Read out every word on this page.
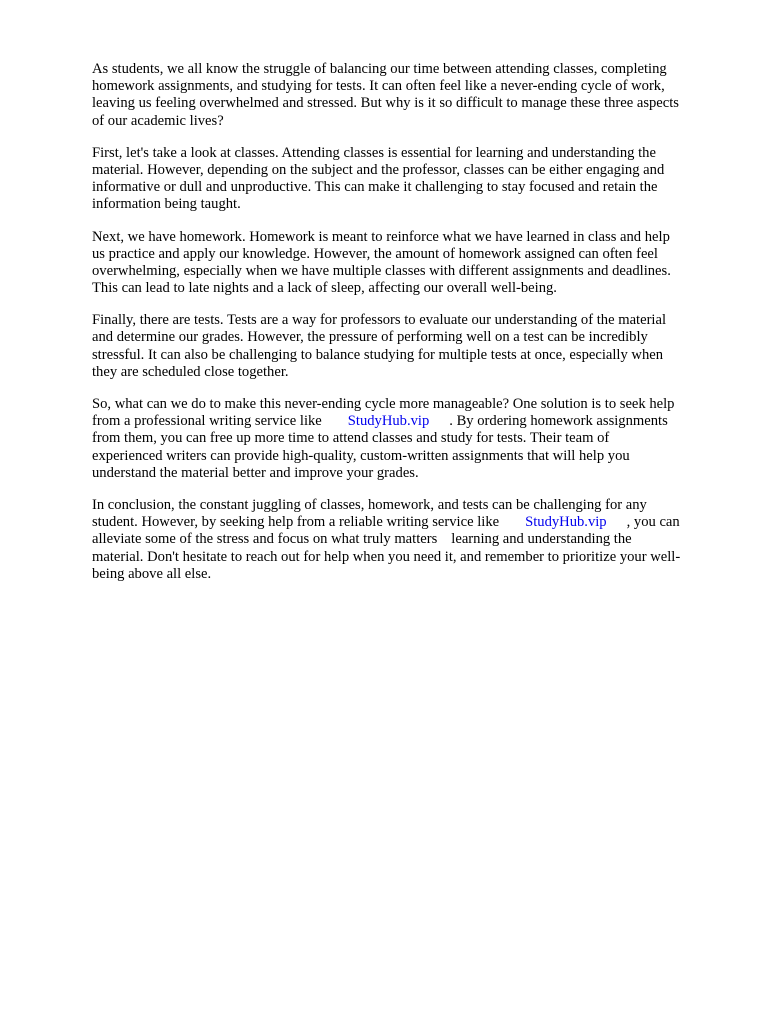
As students, we all know the struggle of balancing our time between attending classes, completing
homework assignments, and studying for tests. It can often feel like a never-ending cycle of work,
leaving us feeling overwhelmed and stressed. But why is it so difficult to manage these three aspects
of our academic lives?

First, let's take a look at classes. Attending classes is essential for learning and understanding the
material. However, depending on the subject and the professor, classes can be either engaging and
informative or dull and unproductive. This can make it challenging to stay focused and retain the
information being taught.

Next, we have homework. Homework is meant to reinforce what we have learned in class and help
us practice and apply our knowledge. However, the amount of homework assigned can often feel
overwhelming, especially when we have multiple classes with different assignments and deadlines.
This can lead to late nights and a lack of sleep, affecting our overall well-being.

Finally, there are tests. Tests are a way for professors to evaluate our understanding of the material
and determine our grades. However, the pressure of performing well on a test can be incredibly
stressful. It can also be challenging to balance studying for multiple tests at once, especially when
they are scheduled close together.

So, what can we do to make this never-ending cycle more manageable? One solution is to seek help
from a professional writing service like StudyHub.vip . By ordering homework assignments
from them, you can free up more time to attend classes and study for tests. Their team of
experienced writers can provide high-quality, custom-written assignments that will help you
understand the material better and improve your grades.

In conclusion, the constant juggling of classes, homework, and tests can be challenging for any
student. However, by seeking help from a reliable writing service like StudyHub.vip , you can
alleviate some of the stress and focus on what truly matters learning and understanding the
material. Don't hesitate to reach out for help when you need it, and remember to prioritize your well-
being above all else.
